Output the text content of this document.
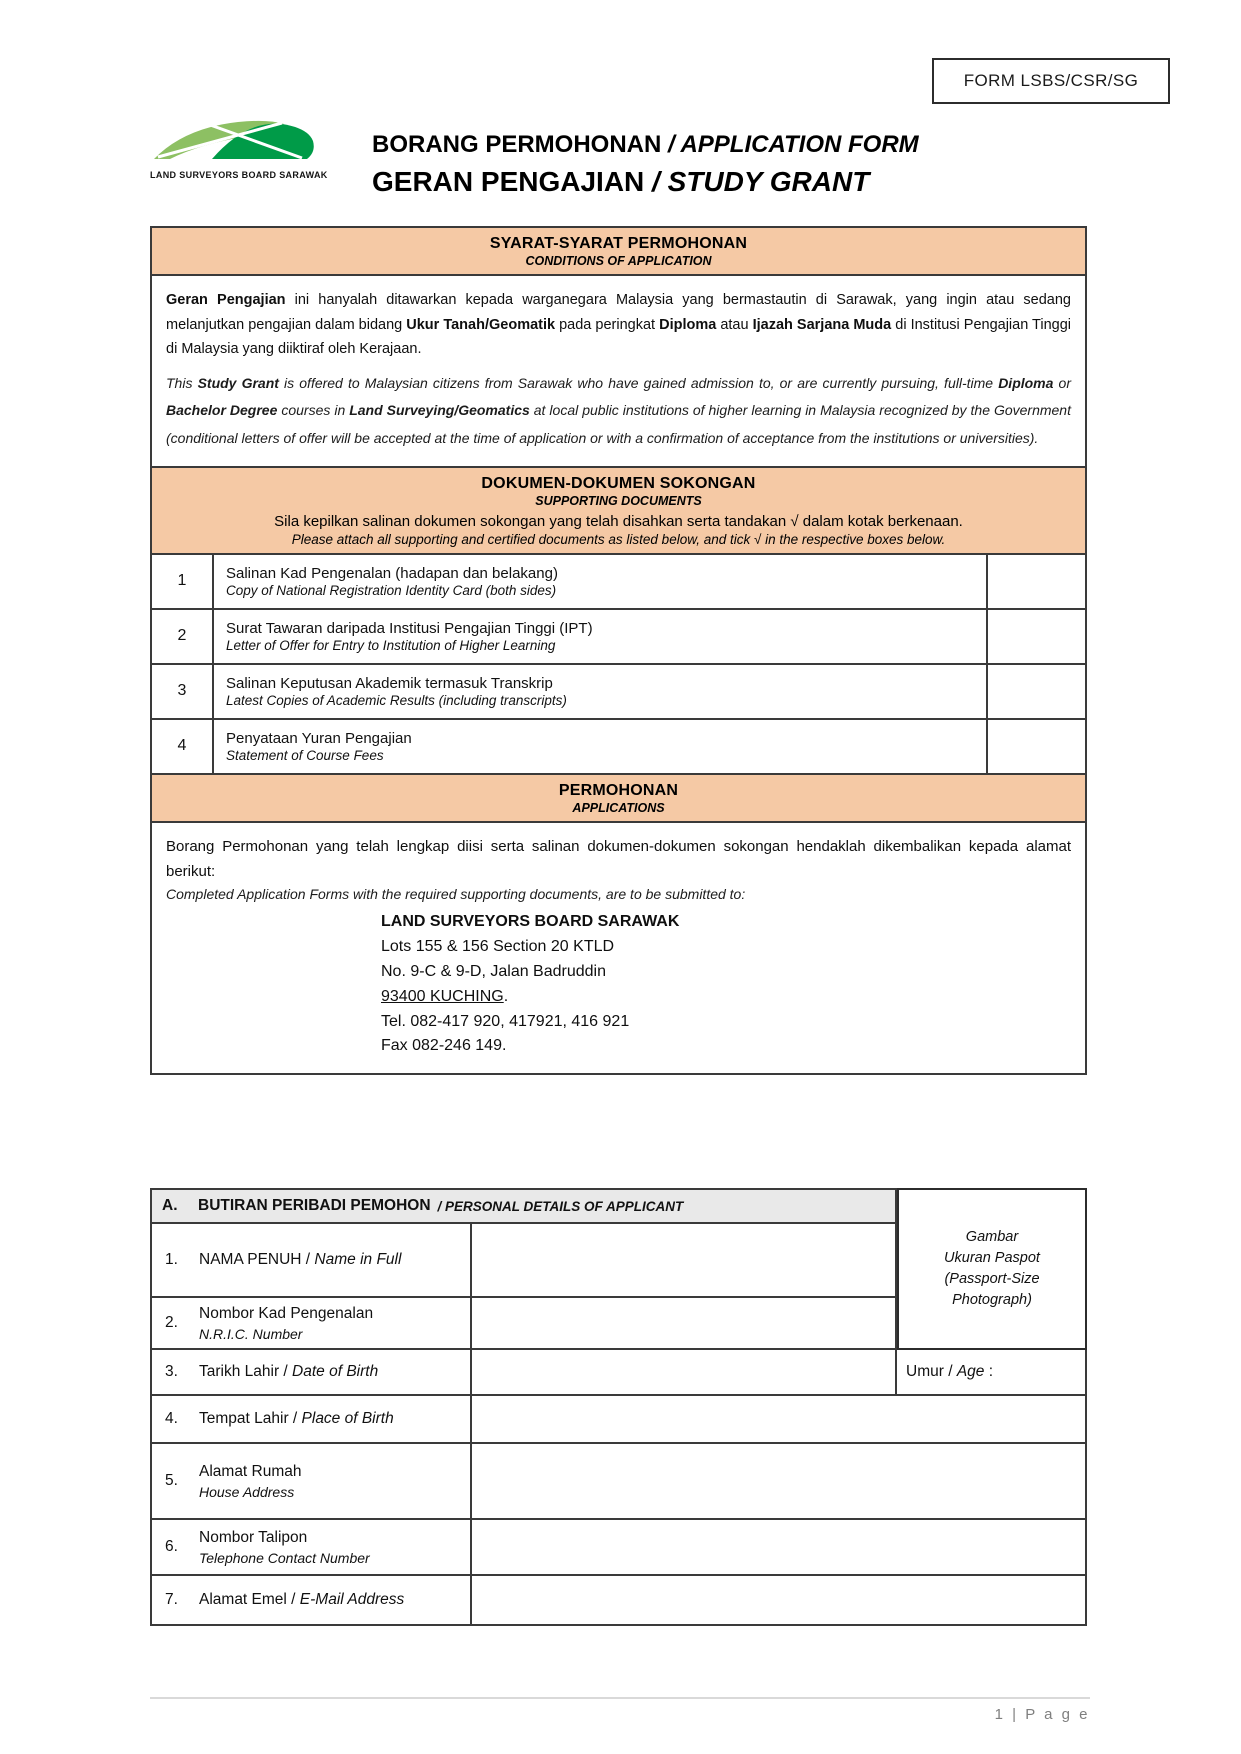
FORM LSBS/CSR/SG
LAND SURVEYORS BOARD SARAWAK
BORANG PERMOHONAN / APPLICATION FORM
GERAN PENGAJIAN / STUDY GRANT
SYARAT-SYARAT PERMOHONAN
CONDITIONS OF APPLICATION

Geran Pengajian ini hanyalah ditawarkan kepada warganegara Malaysia yang bermastautin di Sarawak, yang ingin atau sedang melanjutkan pengajian dalam bidang Ukur Tanah/Geomatik pada peringkat Diploma atau Ijazah Sarjana Muda di Institusi Pengajian Tinggi di Malaysia yang diiktiraf oleh Kerajaan.

This Study Grant is offered to Malaysian citizens from Sarawak who have gained admission to, or are currently pursuing, full-time Diploma or Bachelor Degree courses in Land Surveying/Geomatics at local public institutions of higher learning in Malaysia recognized by the Government (conditional letters of offer will be accepted at the time of application or with a confirmation of acceptance from the institutions or universities).

DOKUMEN-DOKUMEN SOKONGAN
SUPPORTING DOCUMENTS
Sila kepilkan salinan dokumen sokongan yang telah disahkan serta tandakan √ dalam kotak berkenaan.
Please attach all supporting and certified documents as listed below, and tick √ in the respective boxes below.
1	Salinan Kad Pengenalan (hadapan dan belakang)
Copy of National Registration Identity Card (both sides)
2	Surat Tawaran daripada Institusi Pengajian Tinggi (IPT)
Letter of Offer for Entry to Institution of Higher Learning
3	Salinan Keputusan Akademik termasuk Transkrip
Latest Copies of Academic Results (including transcripts)
4	Penyataan Yuran Pengajian
Statement of Course Fees
PERMOHONAN
APPLICATIONS

Borang Permohonan yang telah lengkap diisi serta salinan dokumen-dokumen sokongan hendaklah dikembalikan kepada alamat berikut:

Completed Application Forms with the required supporting documents, are to be submitted to:

LAND SURVEYORS BOARD SARAWAK
Lots 155 & 156 Section 20 KTLD
No. 9-C & 9-D, Jalan Badruddin
93400 KUCHING.
Tel. 082-417 920, 417921, 416 921
Fax 082-246 149.
A.	BUTIRAN PERIBADI PEMOHON / PERSONAL DETAILS OF APPLICANT
Gambar
Ukuran Paspot
(Passport-Size
Photograph)
1.	NAMA PENUH / Name in Full
2.
Nombor Kad Pengenalan
N.R.I.C. Number
3.	Tarikh Lahir / Date of Birth	Umur / Age :
4.	Tempat Lahir / Place of Birth
5.
Alamat Rumah
House Address
6.
Nombor Talipon
Telephone Contact Number
7.	Alamat Emel / E-Mail Address
1 | P a g e
